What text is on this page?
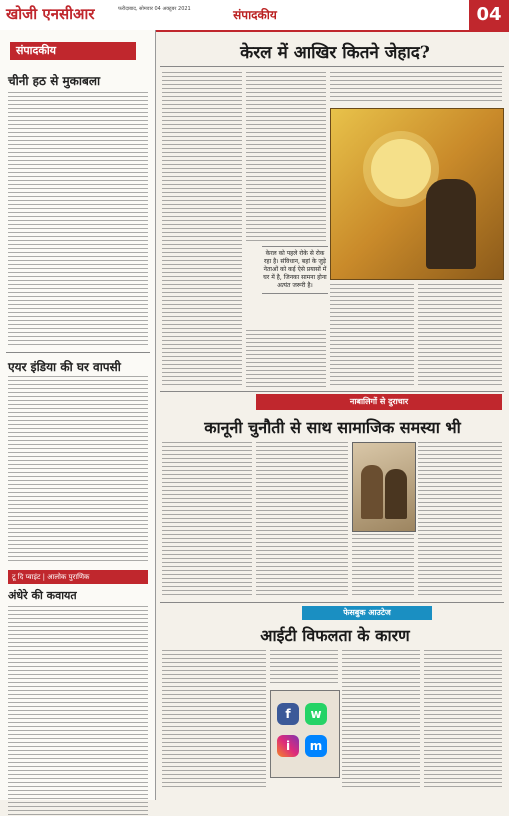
खोजी एनसीआर	फरीदाबाद, सोमवार 04 अक्टूबर 2021	संपादकीय	04
संपादकीय
चीनी हठ से मुकाबला
एयर इंडिया की घर वापसी
टू दि प्वाइंट | आलोक पुराणिक
अंधेरे की कवायत
केरल में आखिर कितने जेहाद?
केरल को पहले रोके से रोक रहा है। संविधान, बहां के जुड़े नेताओं को कई ऐसे प्रयासों में घर में है, जिनका सामना होना अत्यंत जरूरी है।
नाबालिगों से दुराचार
कानूनी चुनौती से साथ सामाजिक समस्या भी
फेसबुक आउटेज
आईटी विफलता के कारण
f	w
i	m
